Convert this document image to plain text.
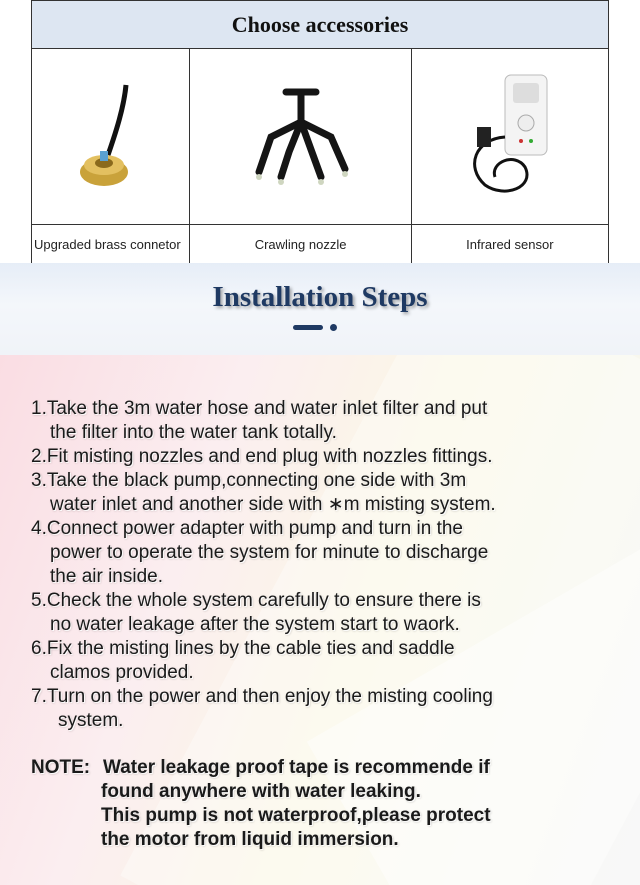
Choose accessories		

Upgraded brass connetor	Crawling nozzle	Infrared sensor
Installation Steps
1.Take the 3m water hose and water inlet filter and put
the filter into the water tank totally.
2.Fit misting nozzles and end plug with nozzles fittings.
3.Take the black pump,connecting one side with 3m
water inlet and another side with ∗m misting system.
4.Connect power adapter with pump and turn in the
power to operate the system for minute to discharge
the air inside.
5.Check the whole system carefully to ensure there is
no water leakage after the system start to waork.
6.Fix the misting lines by the cable ties and saddle
clamos provided.
7.Turn on the power and then enjoy the misting cooling
system.
NOTE: Water leakage proof tape is recommende if
found anywhere with water leaking.
This pump is not waterproof,please protect
the motor from liquid immersion.
